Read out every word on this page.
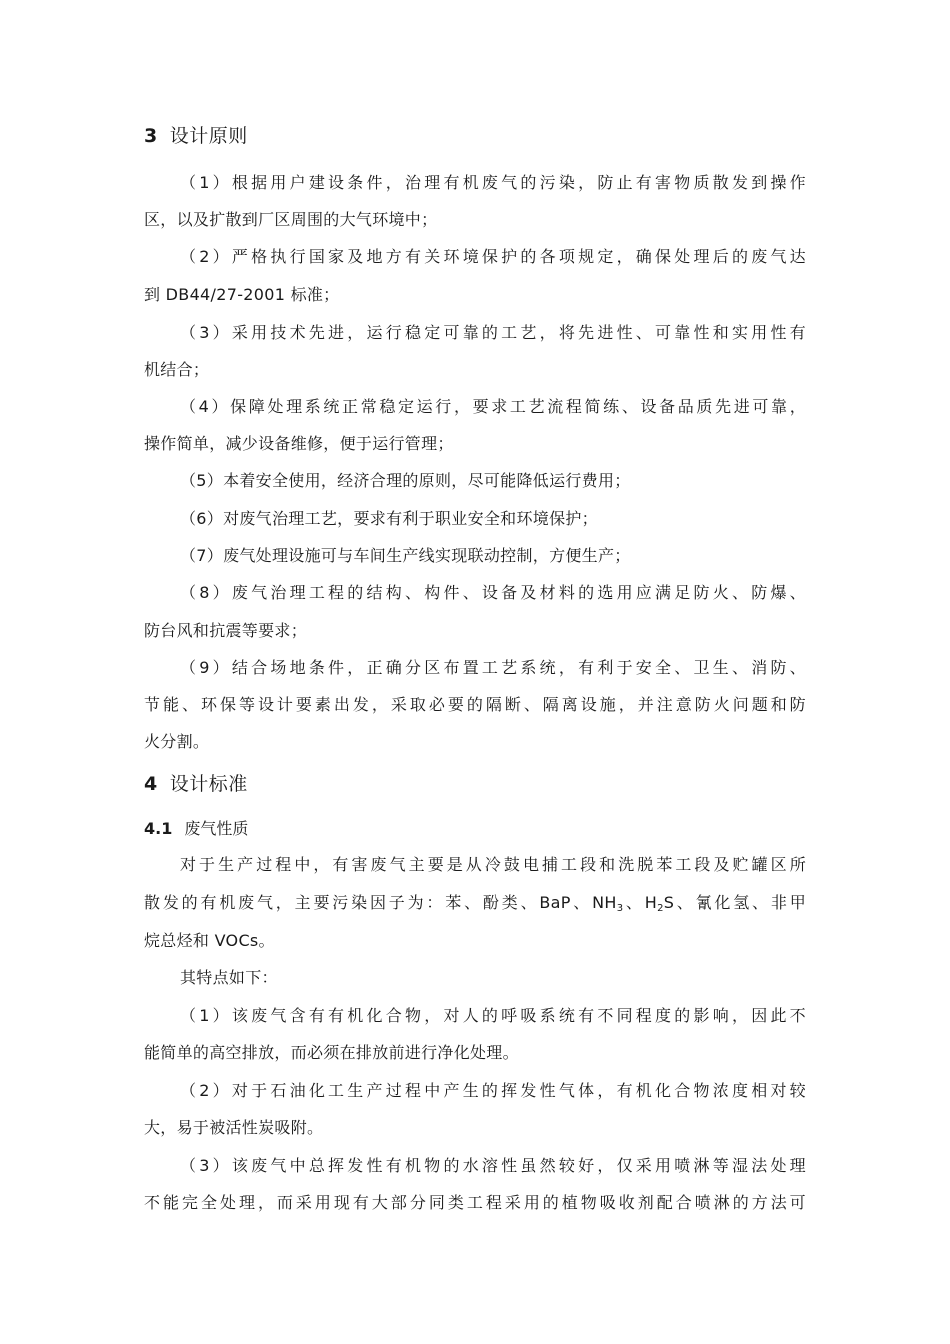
3 设计原则
（1）根据用户建设条件，治理有机废气的污染，防止有害物质散发到操作
区，以及扩散到厂区周围的大气环境中；
（2）严格执行国家及地方有关环境保护的各项规定，确保处理后的废气达
到 DB44/27-2001 标准；
（3）采用技术先进，运行稳定可靠的工艺，将先进性、可靠性和实用性有
机结合；
（4）保障处理系统正常稳定运行，要求工艺流程简练、设备品质先进可靠，
操作简单，减少设备维修，便于运行管理；
（5）本着安全使用，经济合理的原则，尽可能降低运行费用；
（6）对废气治理工艺，要求有利于职业安全和环境保护；
（7）废气处理设施可与车间生产线实现联动控制，方便生产；
（8）废气治理工程的结构、构件、设备及材料的选用应满足防火、防爆、
防台风和抗震等要求；
（9）结合场地条件，正确分区布置工艺系统，有利于安全、卫生、消防、
节能、环保等设计要素出发，采取必要的隔断、隔离设施，并注意防火问题和防
火分割。
4 设计标准
4.1 废气性质
对于生产过程中，有害废气主要是从冷鼓电捕工段和洗脱苯工段及贮罐区所
散发的有机废气，主要污染因子为：苯、酚类、BaP、$NH_3$、$H_2S$、氰化氢、非甲
烷总烃和 VOCs。
其特点如下：
（1）该废气含有有机化合物，对人的呼吸系统有不同程度的影响，因此不
能简单的高空排放，而必须在排放前进行净化处理。
（2）对于石油化工生产过程中产生的挥发性气体，有机化合物浓度相对较
大，易于被活性炭吸附。
（3）该废气中总挥发性有机物的水溶性虽然较好，仅采用喷淋等湿法处理
不能完全处理，而采用现有大部分同类工程采用的植物吸收剂配合喷淋的方法可
